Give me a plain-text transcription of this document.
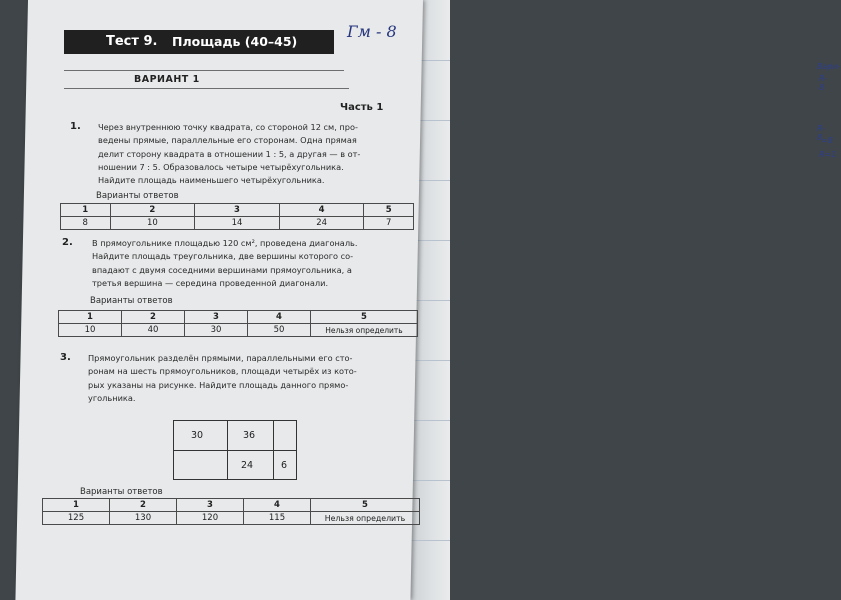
Вари-
R-8
R-8
=8
R=1
Тест 9. Площадь (40–45)
Гм - 8
ВАРИАНТ 1
Часть 1
1. Через внутреннюю точку квадрата, со стороной 12 см, про-
ведены прямые, параллельные его сторонам. Одна прямая
делит сторону квадрата в отношении 1 : 5, а другая — в от-
ношении 7 : 5. Образовалось четыре четырёхугольника.
Найдите площадь наименьшего четырёхугольника.
Варианты ответов
1	2	3	4	5
8	10	14	24	7
2. В прямоугольнике площадью 120 см², проведена диагональ.
Найдите площадь треугольника, две вершины которого со-
впадают с двумя соседними вершинами прямоугольника, а
третья вершина — середина проведенной диагонали.
Варианты ответов
1	2	3	4	5
10	40	30	50	Нельзя определить
3. Прямоугольник разделён прямыми, параллельными его сто-
ронам на шесть прямоугольников, площади четырёх из кото-
рых указаны на рисунке. Найдите площадь данного прямо-
угольника.
30	36
24	6
Варианты ответов
1	2	3	4	5
125	130	120	115	Нельзя определить
